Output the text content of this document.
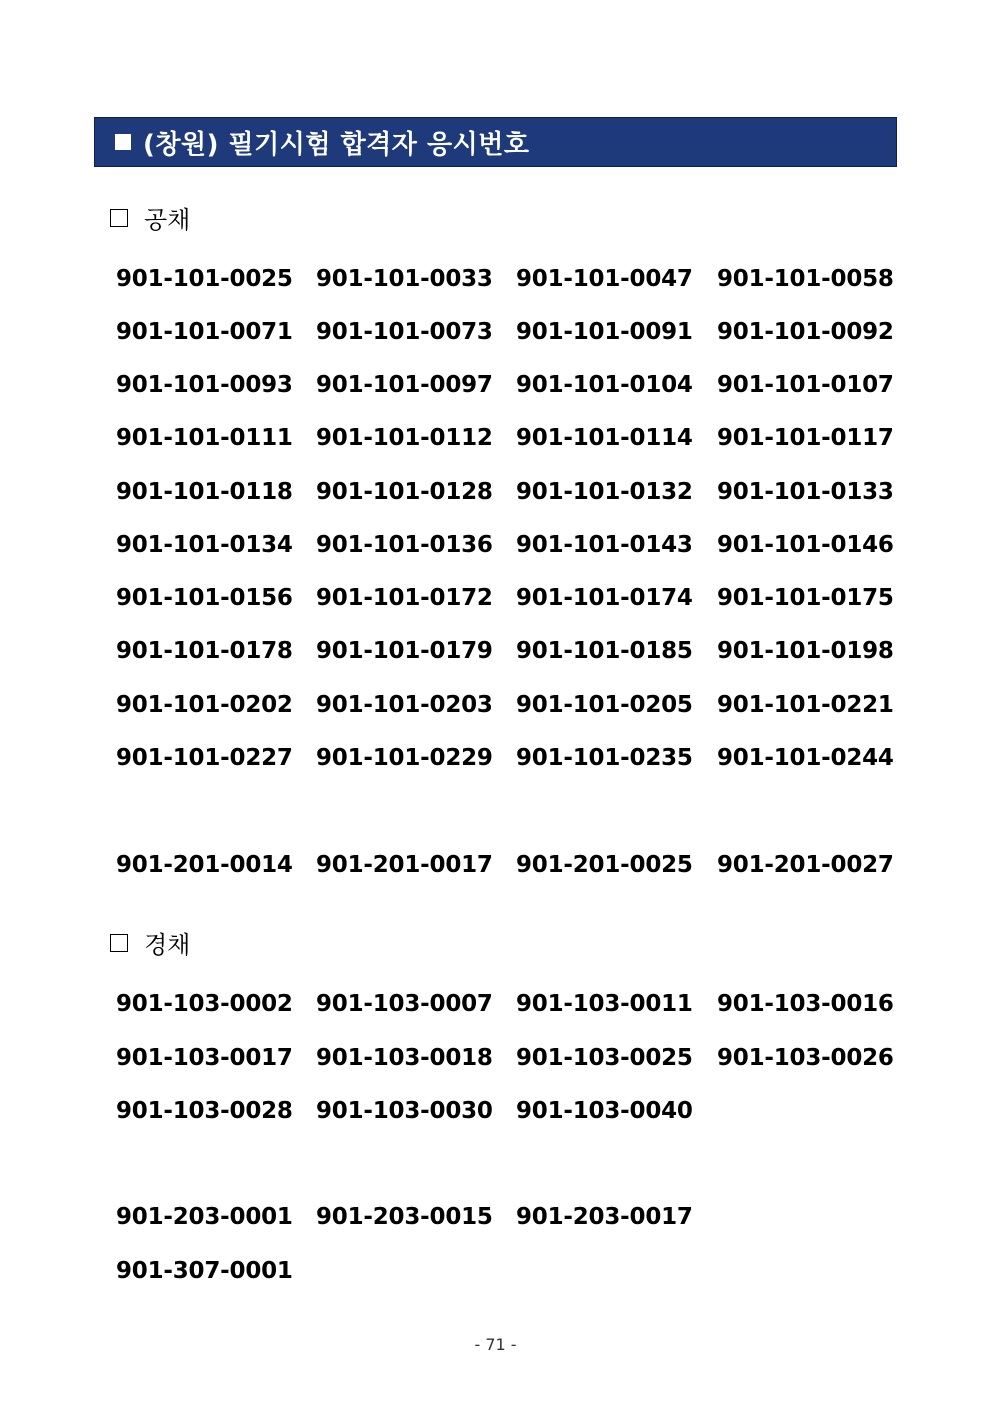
(창원) 필기시험 합격자 응시번호
공채
901-101-0025 901-101-0033 901-101-0047 901-101-0058
901-101-0071 901-101-0073 901-101-0091 901-101-0092
901-101-0093 901-101-0097 901-101-0104 901-101-0107
901-101-0111 901-101-0112 901-101-0114 901-101-0117
901-101-0118 901-101-0128 901-101-0132 901-101-0133
901-101-0134 901-101-0136 901-101-0143 901-101-0146
901-101-0156 901-101-0172 901-101-0174 901-101-0175
901-101-0178 901-101-0179 901-101-0185 901-101-0198
901-101-0202 901-101-0203 901-101-0205 901-101-0221
901-101-0227 901-101-0229 901-101-0235 901-101-0244
901-201-0014 901-201-0017 901-201-0025 901-201-0027
경채
901-103-0002 901-103-0007 901-103-0011 901-103-0016
901-103-0017 901-103-0018 901-103-0025 901-103-0026
901-103-0028 901-103-0030 901-103-0040
901-203-0001 901-203-0015 901-203-0017
901-307-0001
- 71 -
